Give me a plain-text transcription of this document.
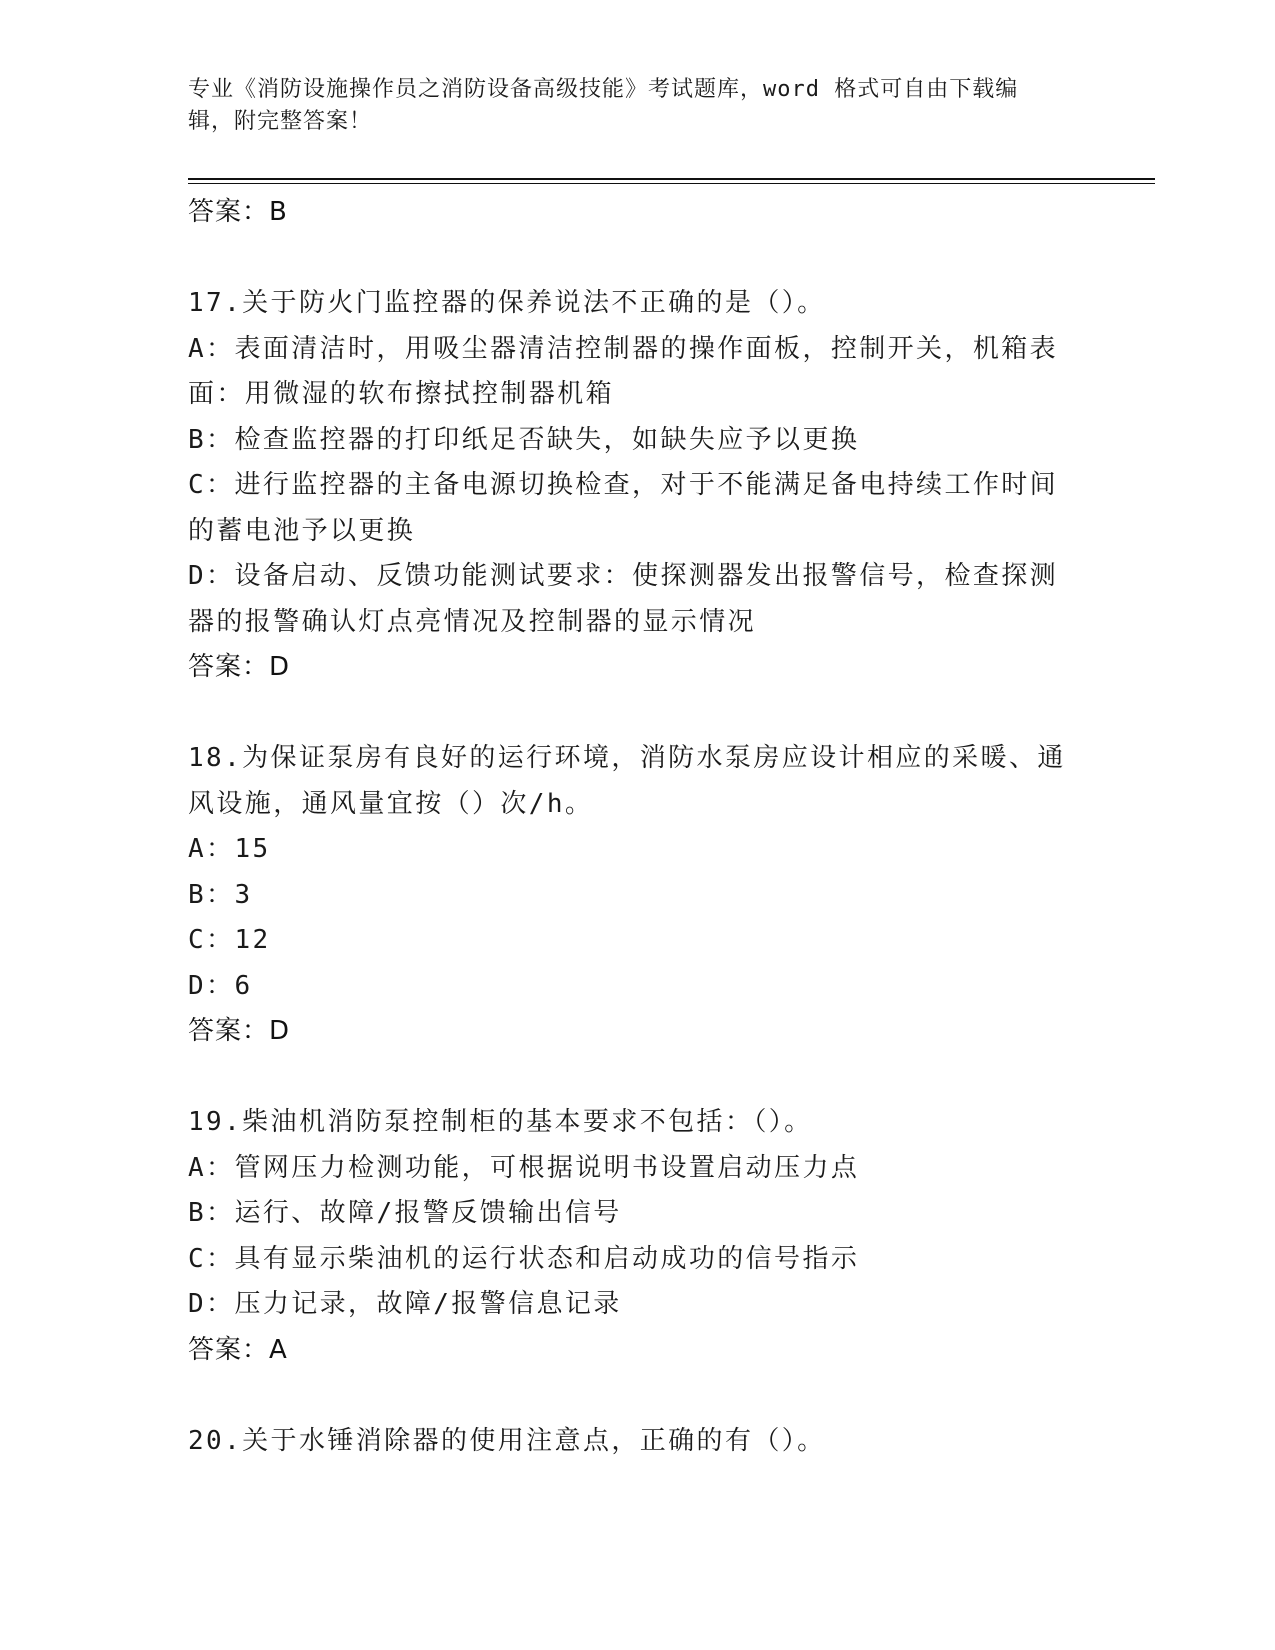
专业《消防设施操作员之消防设备高级技能》考试题库，word 格式可自由下载编
辑，附完整答案！
答案：B
17.关于防火门监控器的保养说法不正确的是（）。
A：表面清洁时，用吸尘器清洁控制器的操作面板，控制开关，机箱表
面：用微湿的软布擦拭控制器机箱
B：检查监控器的打印纸足否缺失，如缺失应予以更换
C：进行监控器的主备电源切换检查，对于不能满足备电持续工作时间
的蓄电池予以更换
D：设备启动、反馈功能测试要求：使探测器发出报警信号，检查探测
器的报警确认灯点亮情况及控制器的显示情况
答案：D
18.为保证泵房有良好的运行环境，消防水泵房应设计相应的采暖、通
风设施，通风量宜按（）次/h。
A：15
B：3
C：12
D：6
答案：D
19.柴油机消防泵控制柜的基本要求不包括：（）。
A：管网压力检测功能，可根据说明书设置启动压力点
B：运行、故障/报警反馈输出信号
C：具有显示柴油机的运行状态和启动成功的信号指示
D：压力记录，故障/报警信息记录
答案：A
20.关于水锤消除器的使用注意点，正确的有（）。
